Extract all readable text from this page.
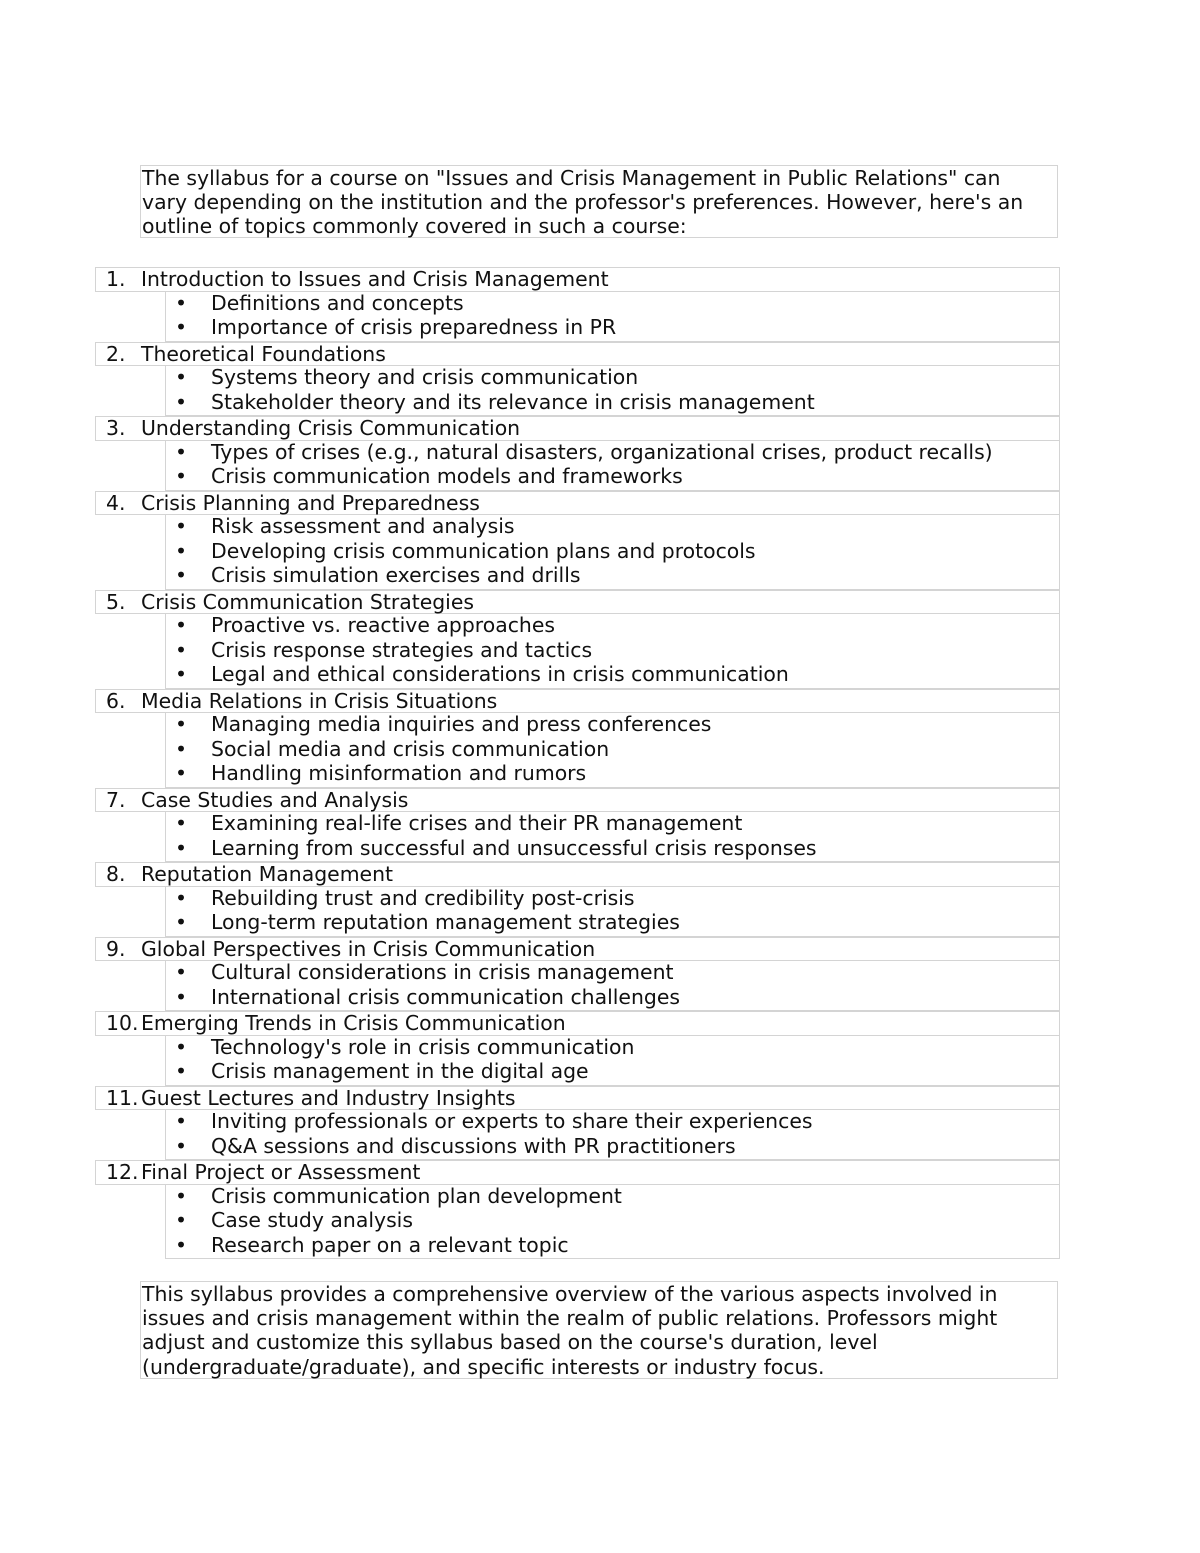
The syllabus for a course on "Issues and Crisis Management in Public Relations" can
vary depending on the institution and the professor's preferences. However, here's an
outline of topics commonly covered in such a course:
1. Introduction to Issues and Crisis Management
• Definitions and concepts
• Importance of crisis preparedness in PR
2. Theoretical Foundations
• Systems theory and crisis communication
• Stakeholder theory and its relevance in crisis management
3. Understanding Crisis Communication
• Types of crises (e.g., natural disasters, organizational crises, product recalls)
• Crisis communication models and frameworks
4. Crisis Planning and Preparedness
• Risk assessment and analysis
• Developing crisis communication plans and protocols
• Crisis simulation exercises and drills
5. Crisis Communication Strategies
• Proactive vs. reactive approaches
• Crisis response strategies and tactics
• Legal and ethical considerations in crisis communication
6. Media Relations in Crisis Situations
• Managing media inquiries and press conferences
• Social media and crisis communication
• Handling misinformation and rumors
7. Case Studies and Analysis
• Examining real-life crises and their PR management
• Learning from successful and unsuccessful crisis responses
8. Reputation Management
• Rebuilding trust and credibility post-crisis
• Long-term reputation management strategies
9. Global Perspectives in Crisis Communication
• Cultural considerations in crisis management
• International crisis communication challenges
10. Emerging Trends in Crisis Communication
• Technology's role in crisis communication
• Crisis management in the digital age
11. Guest Lectures and Industry Insights
• Inviting professionals or experts to share their experiences
• Q&A sessions and discussions with PR practitioners
12. Final Project or Assessment
• Crisis communication plan development
• Case study analysis
• Research paper on a relevant topic
This syllabus provides a comprehensive overview of the various aspects involved in
issues and crisis management within the realm of public relations. Professors might
adjust and customize this syllabus based on the course's duration, level
(undergraduate/graduate), and specific interests or industry focus.
